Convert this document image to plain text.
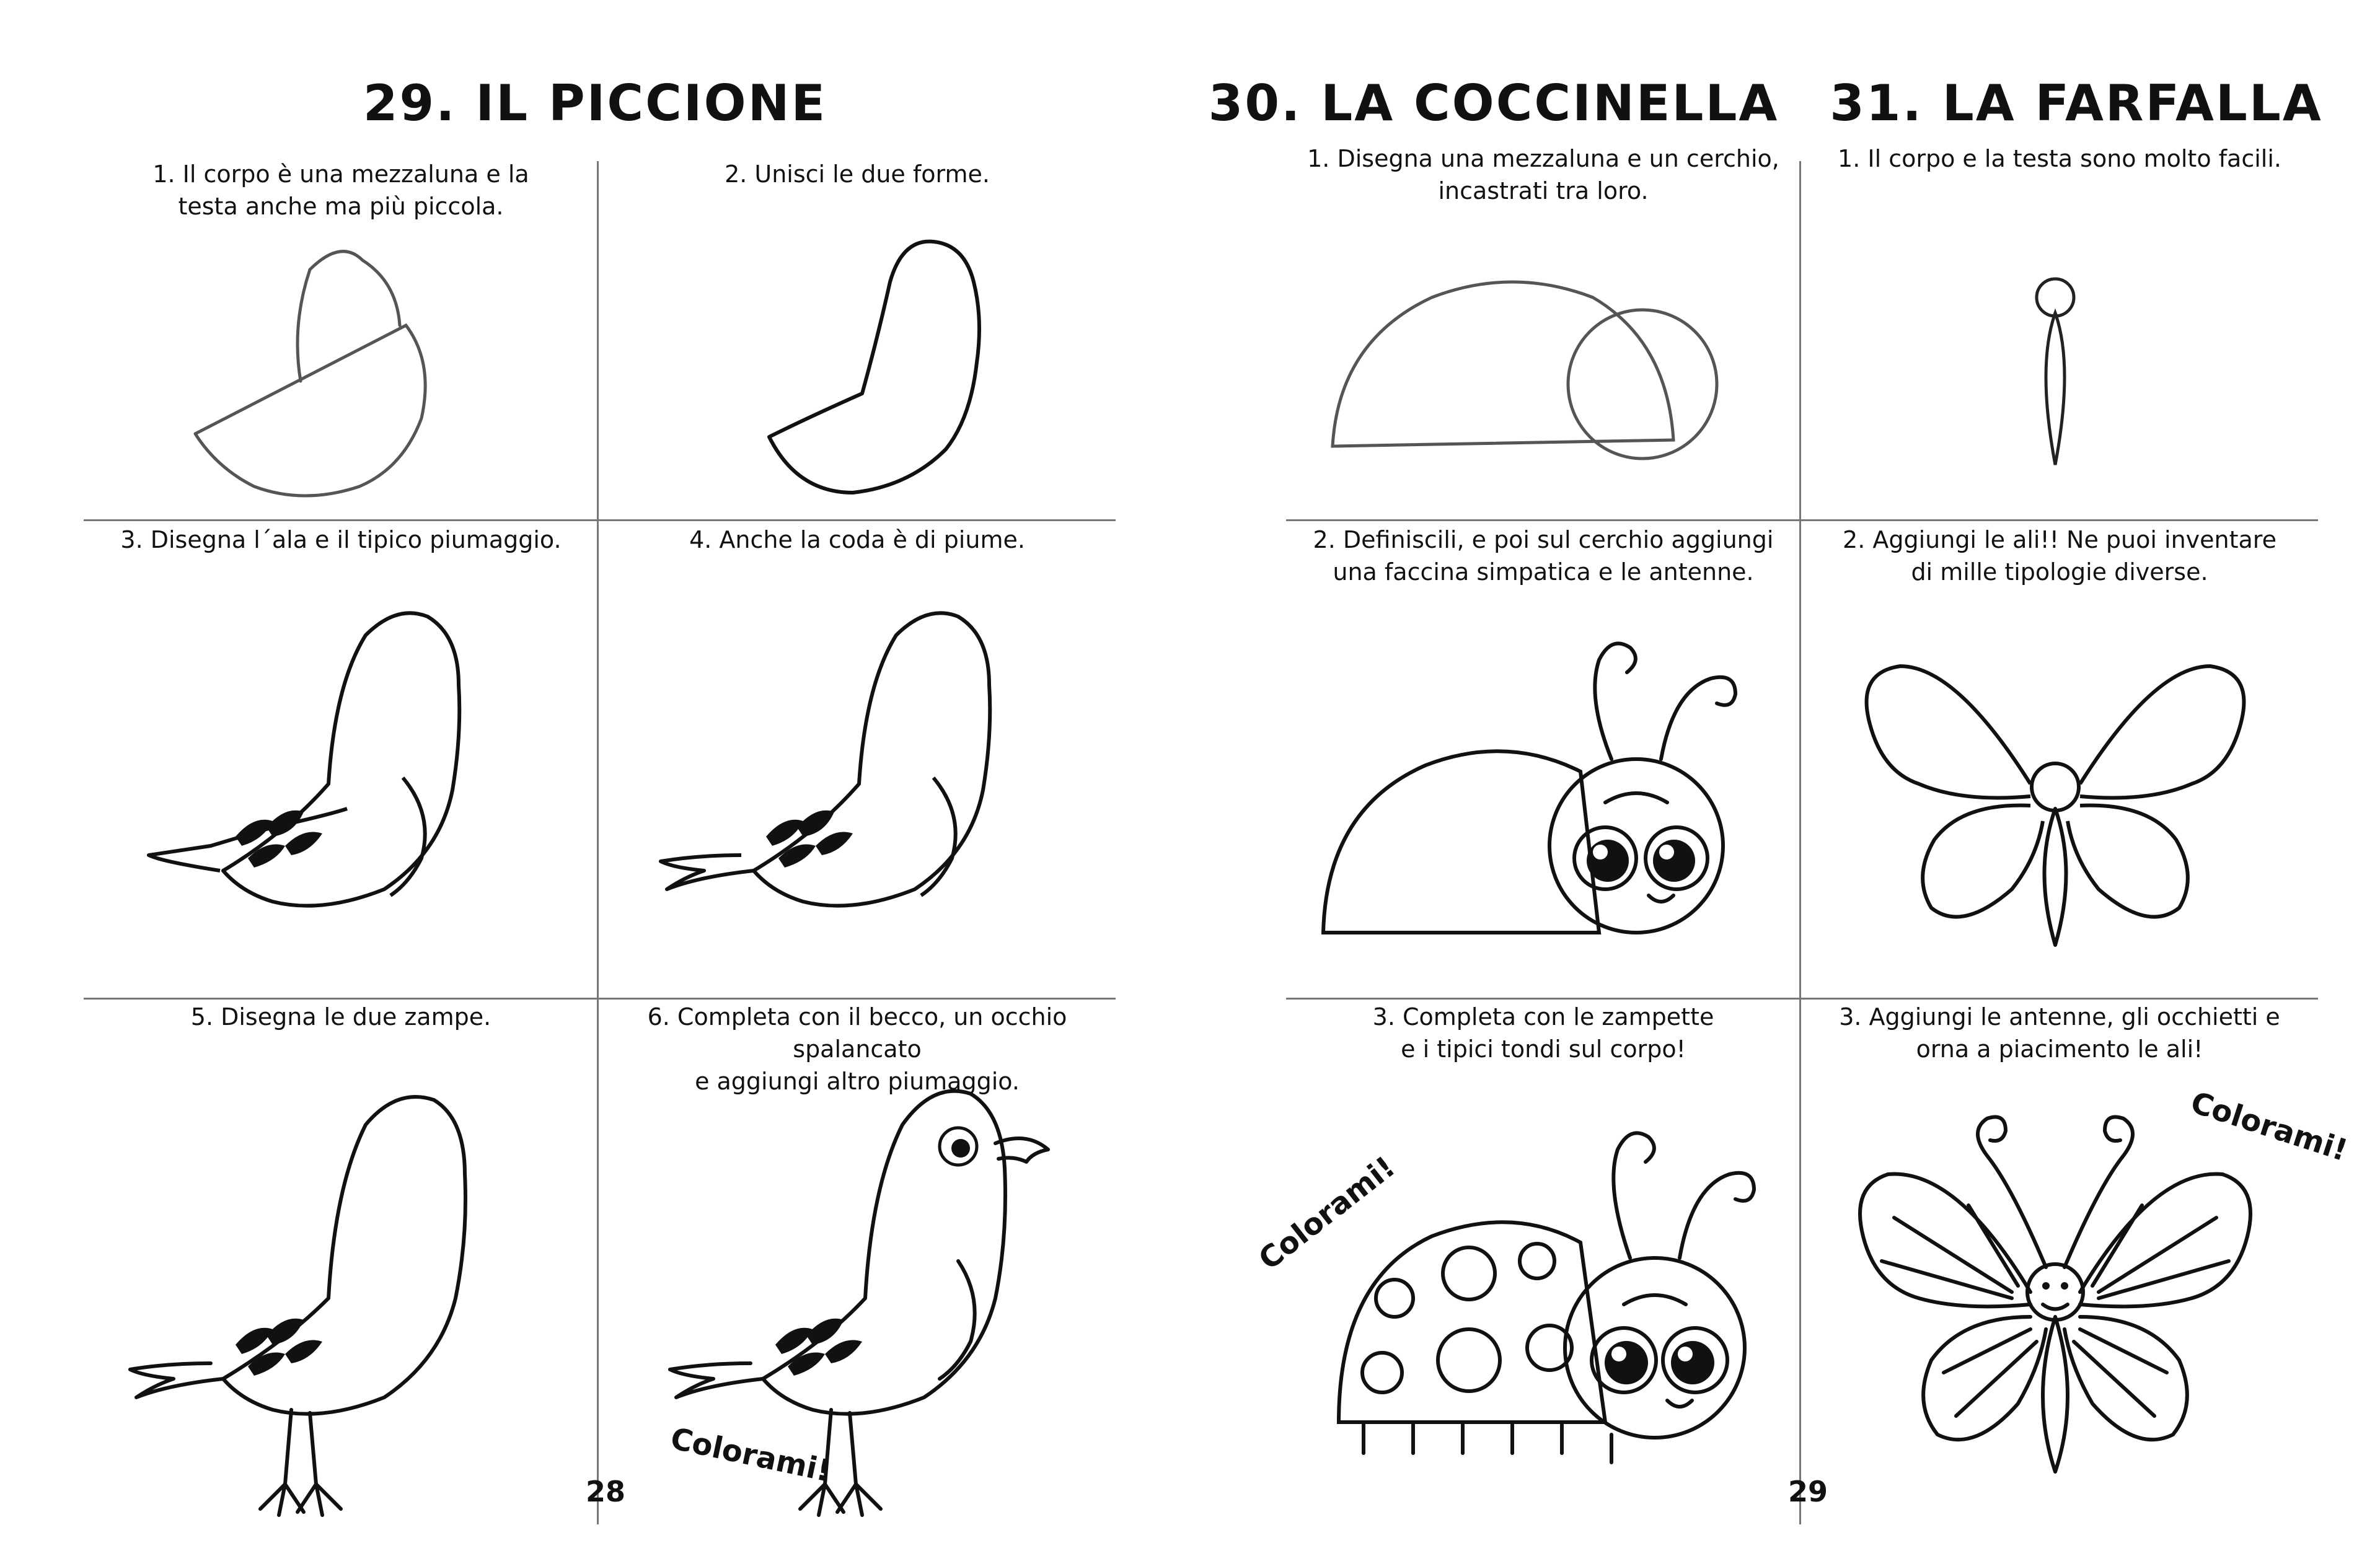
29. IL PICCIONE
1. Il corpo è una mezzaluna e la
testa anche ma più piccola.
2. Unisci le due forme.
3. Disegna l´ala e il tipico piumaggio.	4. Anche la coda è di piume.
5. Disegna le due zampe.	6. Completa con il becco, un occhio spalancato
e aggiungi altro piumaggio.
Colorami!
28
30. LA COCCINELLA	31. LA FARFALLA
1. Disegna una mezzaluna e un cerchio,
incastrati tra loro.
1. Il corpo e la testa sono molto facili.
2. Definiscili, e poi sul cerchio aggiungi
una faccina simpatica e le antenne.
2. Aggiungi le ali!! Ne puoi inventare
di mille tipologie diverse.
3. Completa con le zampette
e i tipici tondi sul corpo!
3. Aggiungi le antenne, gli occhietti e
orna a piacimento le ali!
Colorami!
Colorami!
29
